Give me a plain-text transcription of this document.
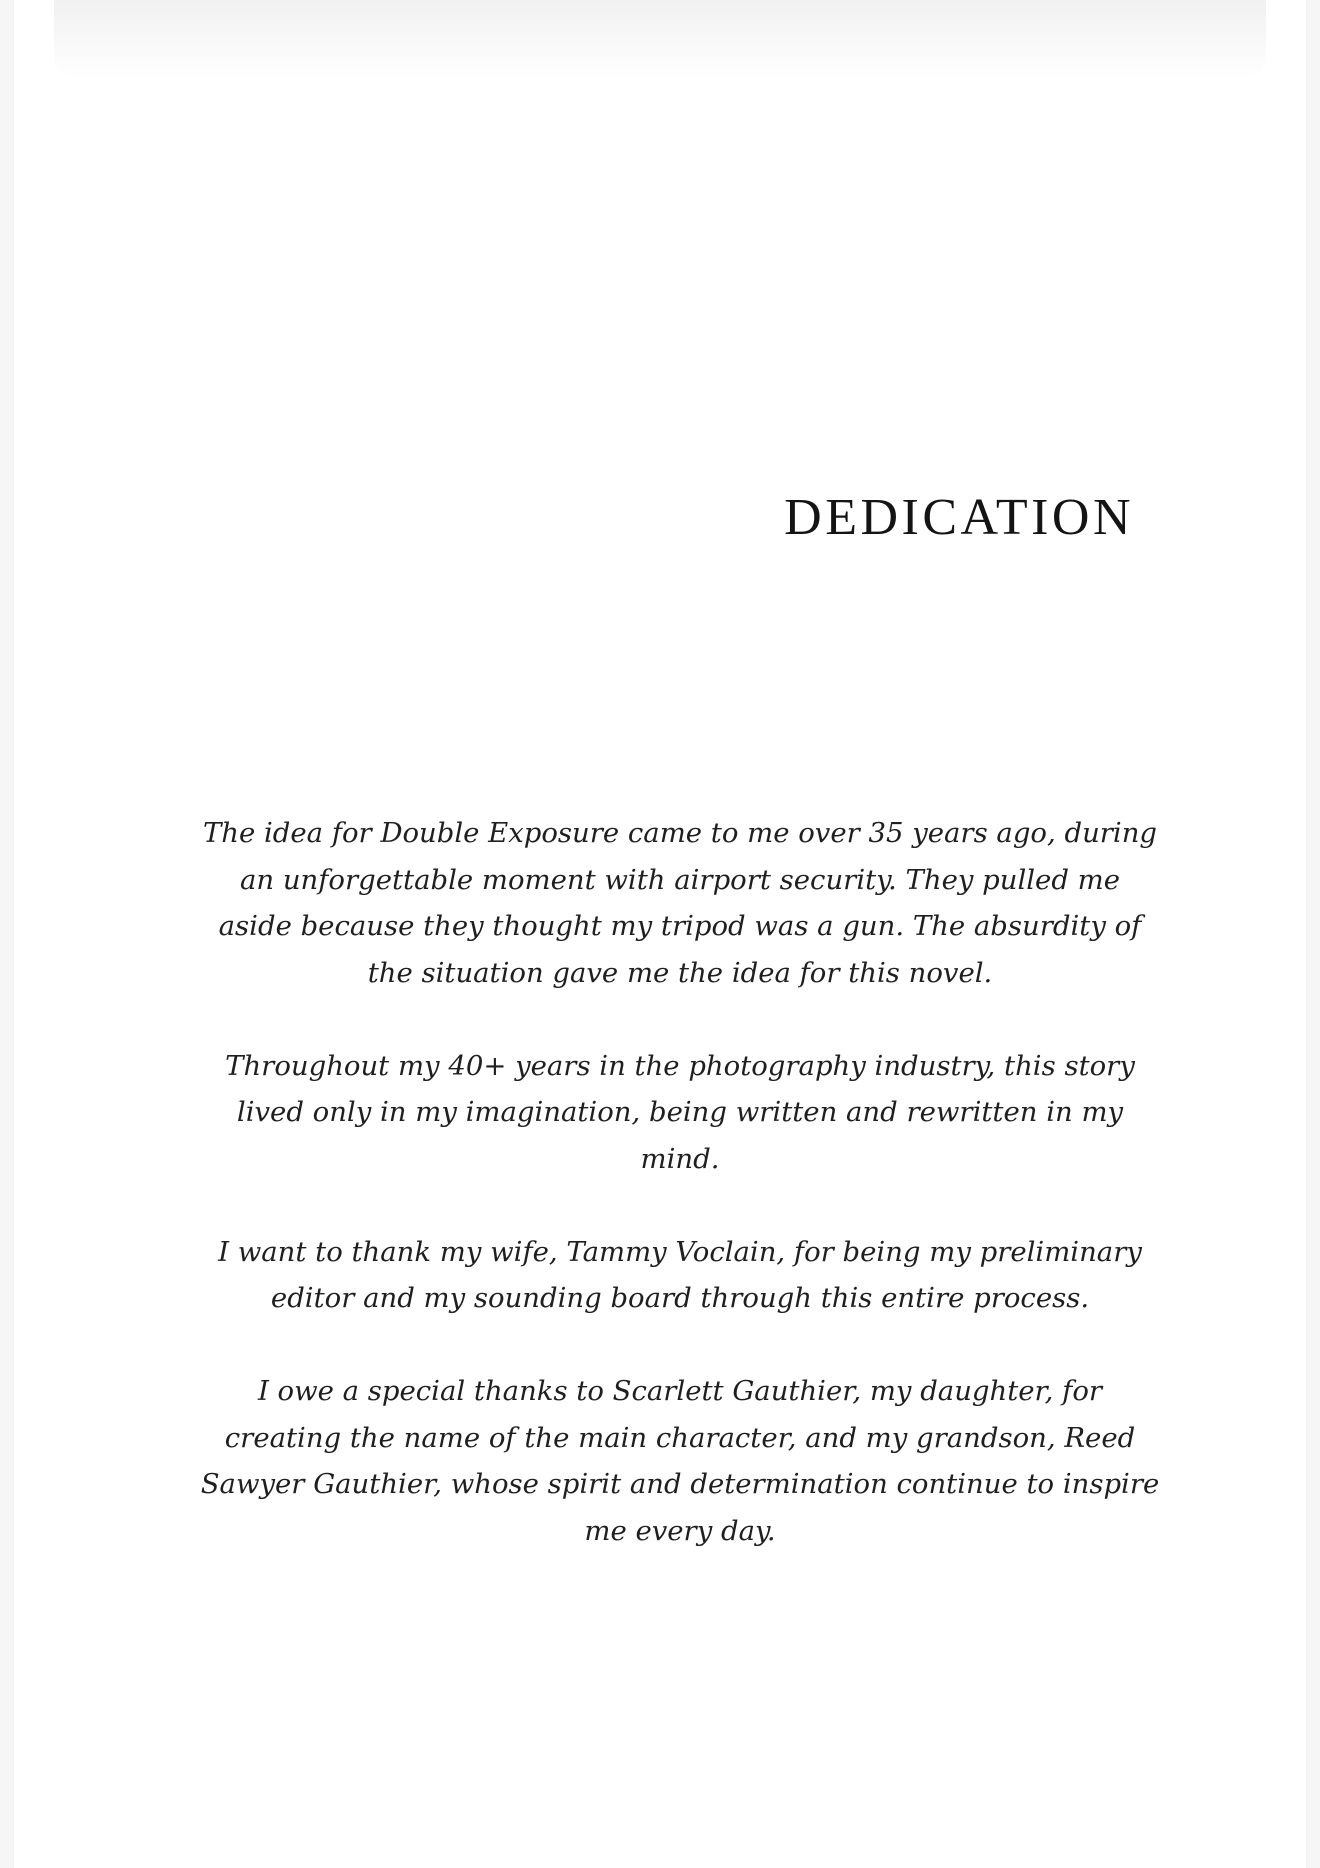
DEDICATION

The idea for Double Exposure came to me over 35 years ago, during an unforgettable moment with airport security. They pulled me aside because they thought my tripod was a gun. The absurdity of the situation gave me the idea for this novel.

Throughout my 40+ years in the photography industry, this story lived only in my imagination, being written and rewritten in my mind.

I want to thank my wife, Tammy Voclain, for being my preliminary editor and my sounding board through this entire process.

I owe a special thanks to Scarlett Gauthier, my daughter, for creating the name of the main character, and my grandson, Reed Sawyer Gauthier, whose spirit and determination continue to inspire me every day.
